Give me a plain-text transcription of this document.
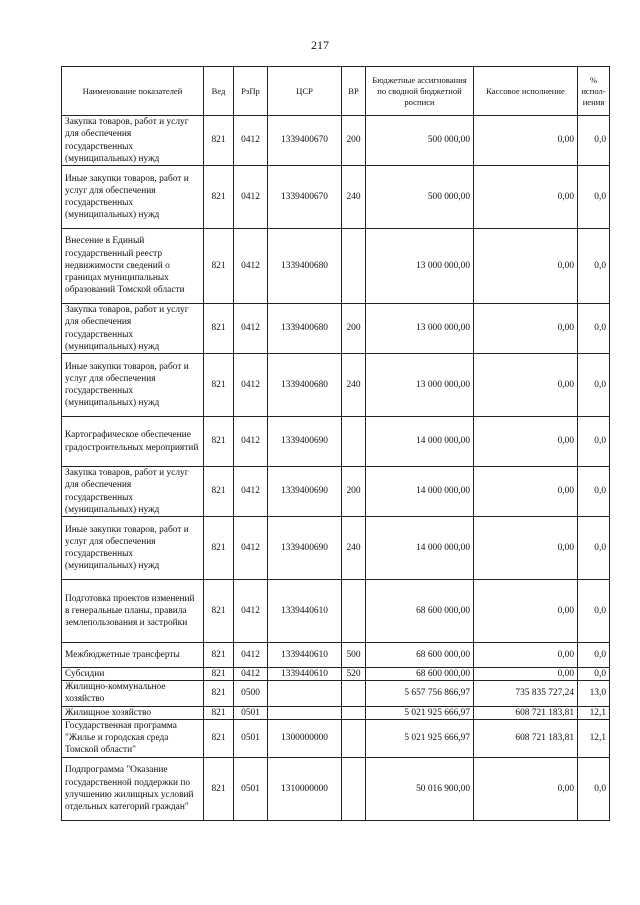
217
Наименование показателей	Вед	РзПр	ЦСР	ВР	Бюджетные ассигнования по сводной бюджетной росписи	Кассовое исполнение	% испол-нения
Закупка товаров, работ и услуг для обеспечения государственных (муниципальных) нужд	821	0412	1339400670	200	500 000,00	0,00	0,0
Иные закупки товаров, работ и услуг для обеспечения государственных (муниципальных) нужд	821	0412	1339400670	240	500 000,00	0,00	0,0
Внесение в Единый государственный реестр недвижимости сведений о границах муниципальных образований Томской области	821	0412	1339400680		13 000 000,00	0,00	0,0
Закупка товаров, работ и услуг для обеспечения государственных (муниципальных) нужд	821	0412	1339400680	200	13 000 000,00	0,00	0,0
Иные закупки товаров, работ и услуг для обеспечения государственных (муниципальных) нужд	821	0412	1339400680	240	13 000 000,00	0,00	0,0
Картографическое обеспечение градостроительных мероприятий	821	0412	1339400690		14 000 000,00	0,00	0,0
Закупка товаров, работ и услуг для обеспечения государственных (муниципальных) нужд	821	0412	1339400690	200	14 000 000,00	0,00	0,0
Иные закупки товаров, работ и услуг для обеспечения государственных (муниципальных) нужд	821	0412	1339400690	240	14 000 000,00	0,00	0,0
Подготовка проектов изменений в генеральные планы, правила землепользования и застройки	821	0412	1339440610		68 600 000,00	0,00	0,0
Межбюджетные трансферты	821	0412	1339440610	500	68 600 000,00	0,00	0,0
Субсидии	821	0412	1339440610	520	68 600 000,00	0,00	0,0
Жилищно-коммунальное хозяйство	821	0500			5 657 756 866,97	735 835 727,24	13,0
Жилищное хозяйство	821	0501			5 021 925 666,97	608 721 183,81	12,1
Государственная программа "Жилье и городская среда Томской области"	821	0501	1300000000		5 021 925 666,97	608 721 183,81	12,1
Подпрограмма "Оказание государственной поддержки по улучшению жилищных условий отдельных категорий граждан"	821	0501	1310000000		50 016 900,00	0,00	0,0
